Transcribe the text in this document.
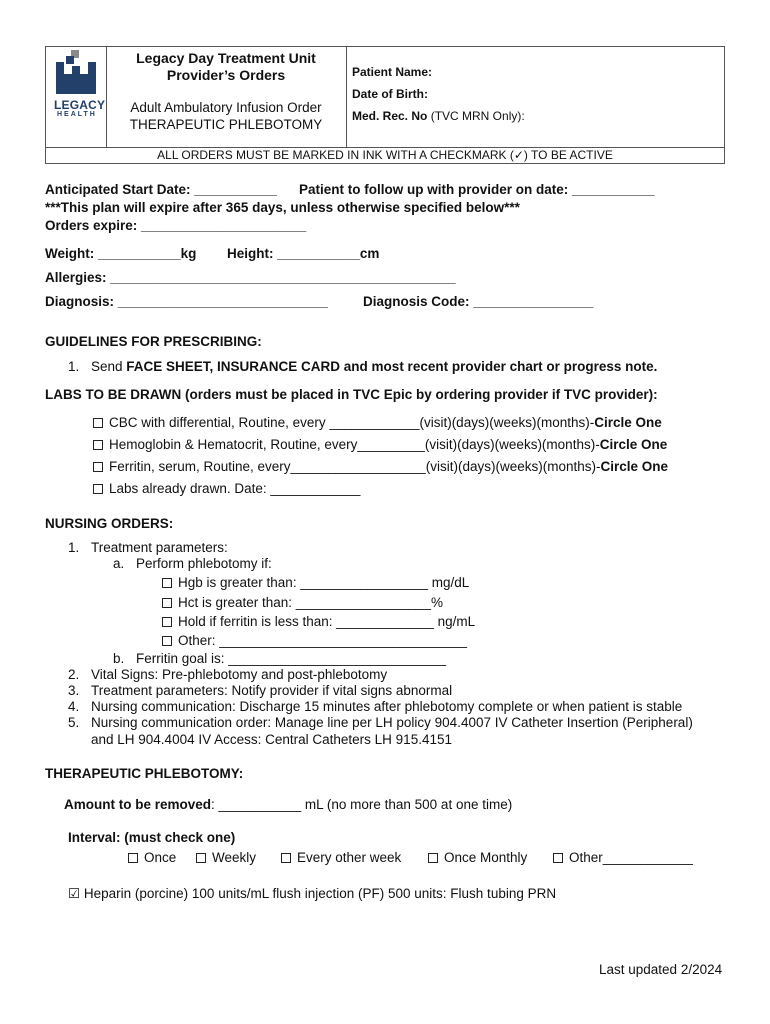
LEGACY
HEALTH
Legacy Day Treatment Unit
Provider’s Orders
Adult Ambulatory Infusion Order
THERAPEUTIC PHLEBOTOMY
Patient Name:
Date of Birth:
Med. Rec. No (TVC MRN Only):
ALL ORDERS MUST BE MARKED IN INK WITH A CHECKMARK (✓) TO BE ACTIVE
Anticipated Start Date: ___________ Patient to follow up with provider on date: ___________
***This plan will expire after 365 days, unless otherwise specified below***
Orders expire: ______________________
Weight: ___________kg Height: ___________cm
Allergies: ______________________________________________
Diagnosis: ____________________________	Diagnosis Code: ________________
GUIDELINES FOR PRESCRIBING:
1. Send FACE SHEET, INSURANCE CARD and most recent provider chart or progress note.
LABS TO BE DRAWN (orders must be placed in TVC Epic by ordering provider if TVC provider):
CBC with differential, Routine, every ____________(visit)(days)(weeks)(months)-Circle One
Hemoglobin & Hematocrit, Routine, every_________(visit)(days)(weeks)(months)-Circle One
Ferritin, serum, Routine, every__________________(visit)(days)(weeks)(months)-Circle One
Labs already drawn. Date: ____________
NURSING ORDERS:
1. Treatment parameters:
a. Perform phlebotomy if:
Hgb is greater than: _________________ mg/dL
Hct is greater than: __________________%
Hold if ferritin is less than: _____________ ng/mL
Other: _________________________________
b. Ferritin goal is: _____________________________
2. Vital Signs: Pre-phlebotomy and post-phlebotomy
3. Treatment parameters: Notify provider if vital signs abnormal
4. Nursing communication: Discharge 15 minutes after phlebotomy complete or when patient is stable
5. Nursing communication order: Manage line per LH policy 904.4007 IV Catheter Insertion (Peripheral)
and LH 904.4004 IV Access: Central Catheters LH 915.4151
THERAPEUTIC PHLEBOTOMY:
Amount to be removed: ___________ mL (no more than 500 at one time)
Interval: (must check one)
Once	Weekly	Every other week	Once Monthly	Other____________
☑ Heparin (porcine) 100 units/mL flush injection (PF) 500 units: Flush tubing PRN
Last updated 2/2024
